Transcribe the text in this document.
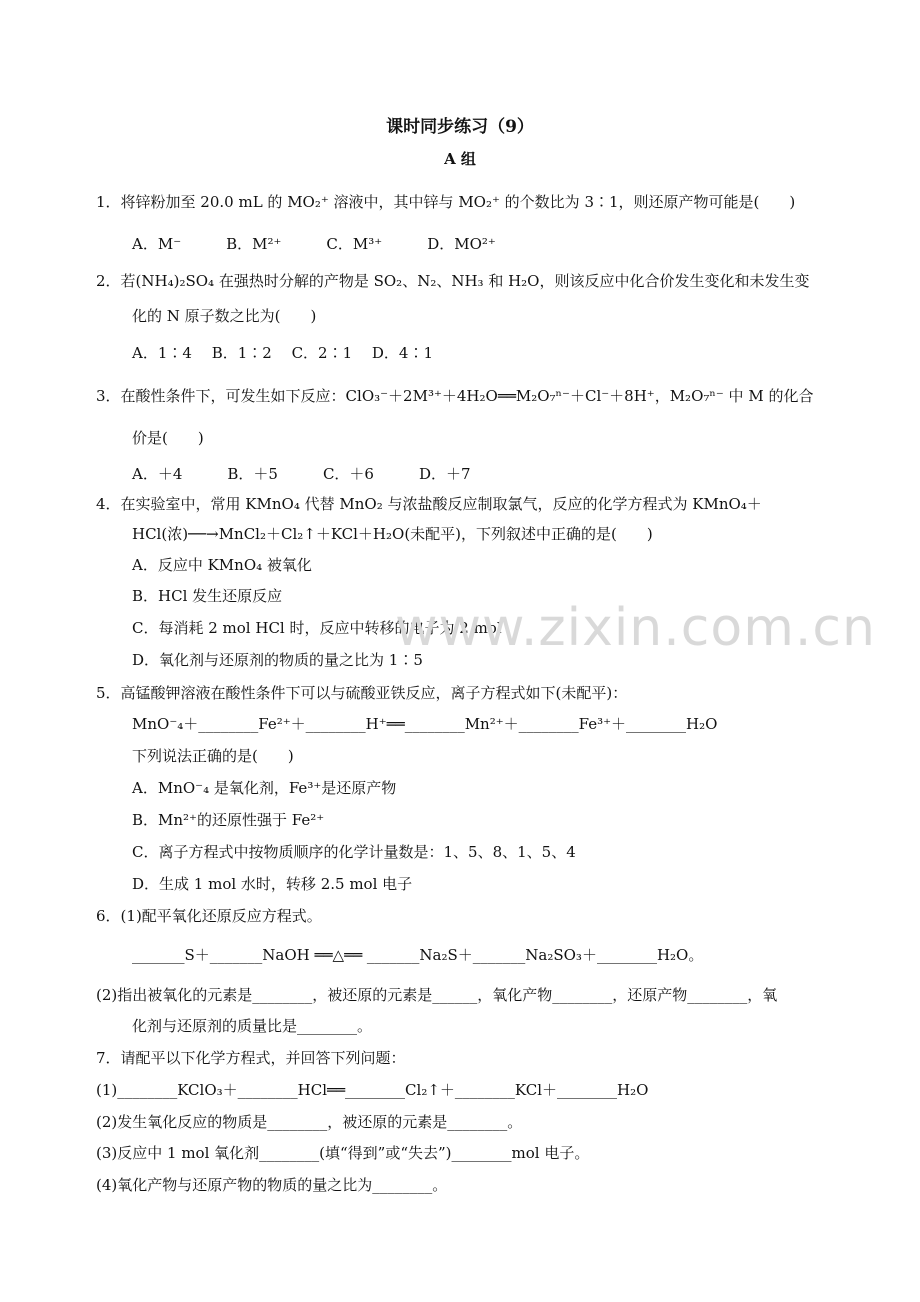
课时同步练习（9）
A 组
1．将锌粉加至 20.0 mL 的 MO₂⁺ 溶液中，其中锌与 MO₂⁺ 的个数比为 3∶1，则还原产物可能是(　　)
A．M⁻　　　B．M²⁺　　　C．M³⁺　　　D．MO²⁺
2．若(NH₄)₂SO₄ 在强热时分解的产物是 SO₂、N₂、NH₃ 和 H₂O，则该反应中化合价发生变化和未发生变
化的 N 原子数之比为(　　)
A．1∶4　 B．1∶2　 C．2∶1　 D．4∶1
3．在酸性条件下，可发生如下反应：ClO₃⁻＋2M³⁺＋4H₂O══M₂O₇ⁿ⁻＋Cl⁻＋8H⁺，M₂O₇ⁿ⁻ 中 M 的化合
价是(　　)
A．＋4　　　B．＋5　　　C．＋6　　　D．＋7
4．在实验室中，常用 KMnO₄ 代替 MnO₂ 与浓盐酸反应制取氯气，反应的化学方程式为 KMnO₄＋
HCl(浓)──→MnCl₂＋Cl₂↑＋KCl＋H₂O(未配平)，下列叙述中正确的是(　　)
A．反应中 KMnO₄ 被氧化
B．HCl 发生还原反应
C．每消耗 2 mol HCl 时，反应中转移的电子为 2 mol
D．氧化剂与还原剂的物质的量之比为 1∶5
5．高锰酸钾溶液在酸性条件下可以与硫酸亚铁反应，离子方程式如下(未配平)：
MnO⁻₄＋________Fe²⁺＋________H⁺══________Mn²⁺＋________Fe³⁺＋________H₂O
下列说法正确的是(　　)
A．MnO⁻₄ 是氧化剂，Fe³⁺是还原产物
B．Mn²⁺的还原性强于 Fe²⁺
C．离子方程式中按物质顺序的化学计量数是：1、5、8、1、5、4
D．生成 1 mol 水时，转移 2.5 mol 电子
6．(1)配平氧化还原反应方程式。
_______S＋_______NaOH ══△══ _______Na₂S＋_______Na₂SO₃＋________H₂O。
(2)指出被氧化的元素是________，被还原的元素是______，氧化产物________，还原产物________，氧
化剂与还原剂的质量比是________。
7．请配平以下化学方程式，并回答下列问题：
(1)________KClO₃＋________HCl══________Cl₂↑＋________KCl＋________H₂O
(2)发生氧化反应的物质是________，被还原的元素是________。
(3)反应中 1 mol 氧化剂________(填“得到”或“失去”)________mol 电子。
(4)氧化产物与还原产物的物质的量之比为________。
www.zixin.com.cn
